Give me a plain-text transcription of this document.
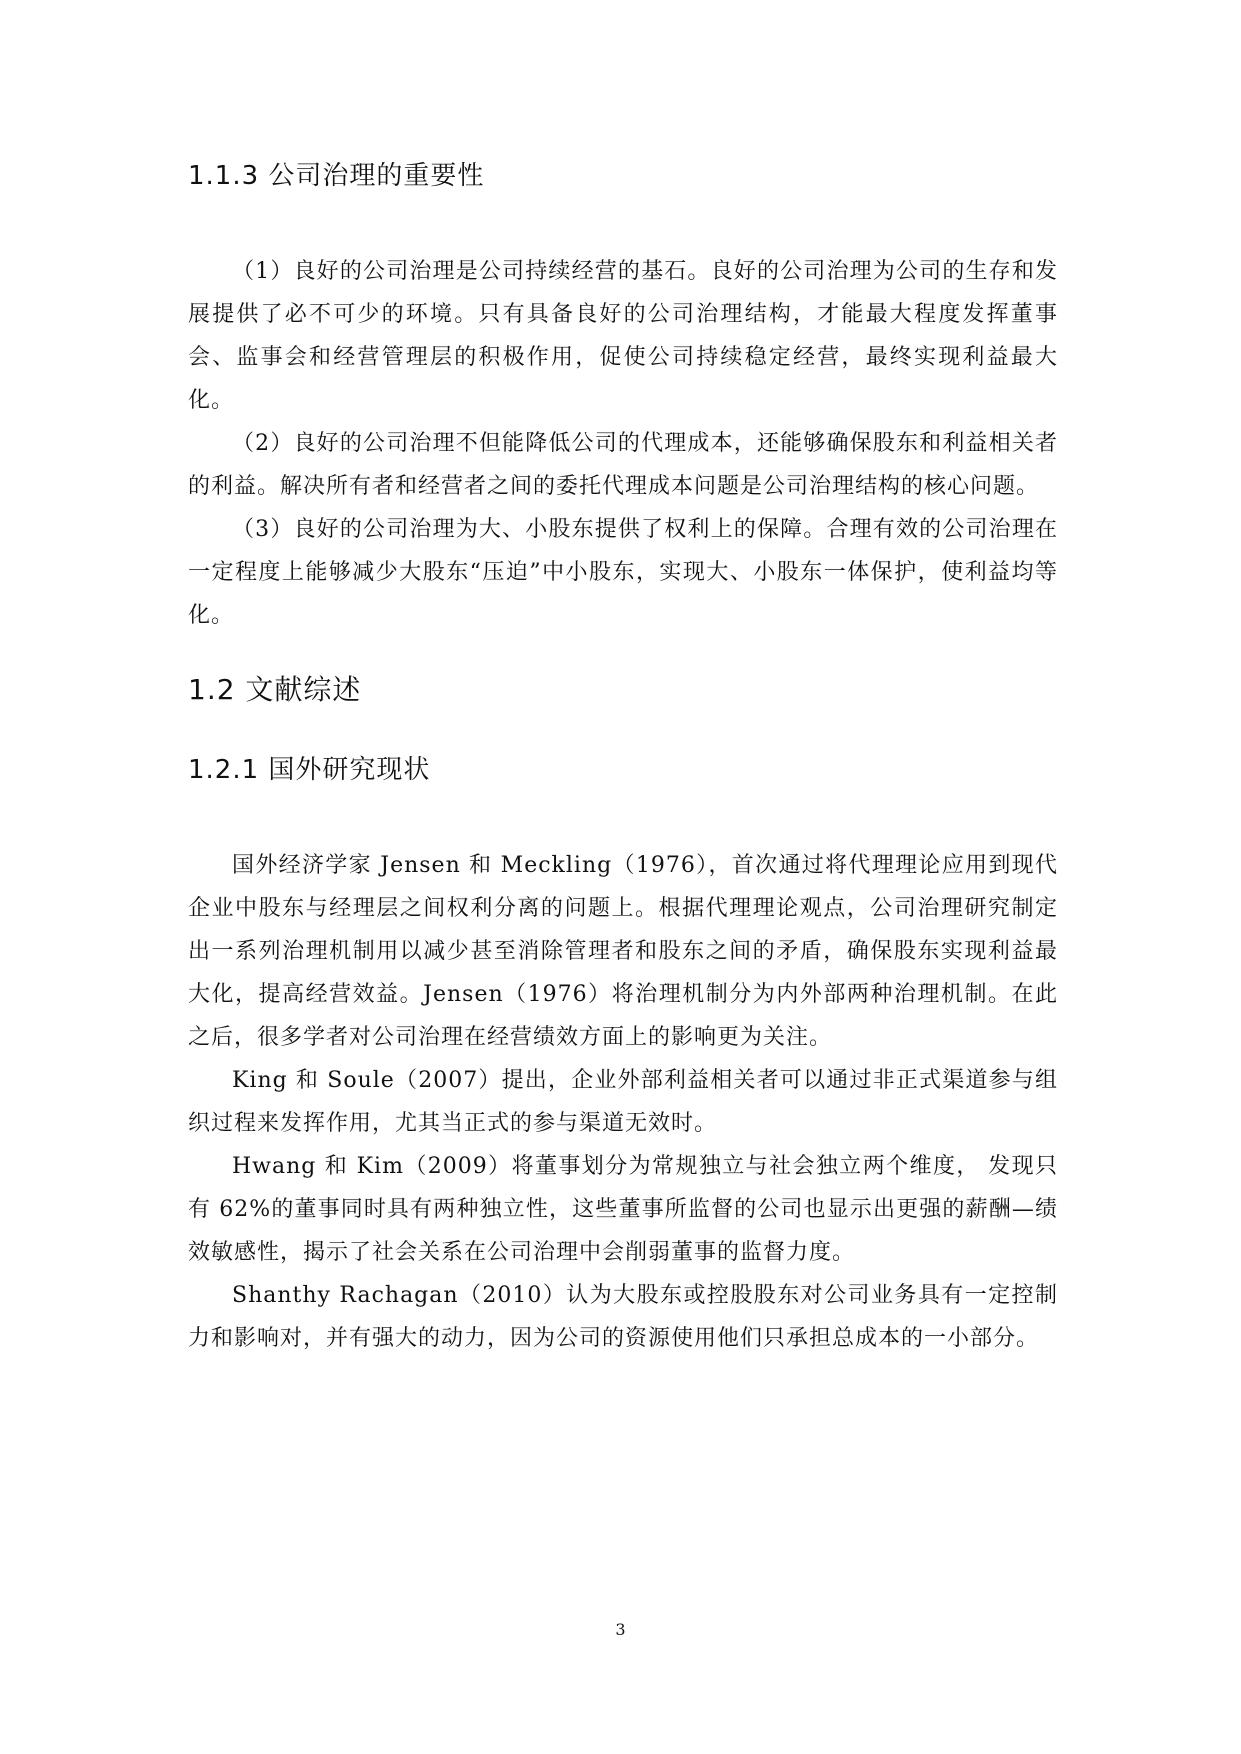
1.1.3 公司治理的重要性

（1）良好的公司治理是公司持续经营的基石。良好的公司治理为公司的生存和发展提供了必不可少的环境。只有具备良好的公司治理结构，才能最大程度发挥董事会、监事会和经营管理层的积极作用，促使公司持续稳定经营，最终实现利益最大化。

（2）良好的公司治理不但能降低公司的代理成本，还能够确保股东和利益相关者的利益。解决所有者和经营者之间的委托代理成本问题是公司治理结构的核心问题。

（3）良好的公司治理为大、小股东提供了权利上的保障。合理有效的公司治理在一定程度上能够减少大股东“压迫”中小股东，实现大、小股东一体保护，使利益均等化。

1.2 文献综述
1.2.1 国外研究现状

国外经济学家 Jensen 和 Meckling（1976），首次通过将代理理论应用到现代企业中股东与经理层之间权利分离的问题上。根据代理理论观点，公司治理研究制定出一系列治理机制用以减少甚至消除管理者和股东之间的矛盾，确保股东实现利益最大化，提高经营效益。Jensen（1976）将治理机制分为内外部两种治理机制。在此之后，很多学者对公司治理在经营绩效方面上的影响更为关注。

King 和 Soule（2007）提出，企业外部利益相关者可以通过非正式渠道参与组织过程来发挥作用，尤其当正式的参与渠道无效时。

Hwang 和 Kim（2009）将董事划分为常规独立与社会独立两个维度， 发现只有 62%的董事同时具有两种独立性，这些董事所监督的公司也显示出更强的薪酬—绩 效敏感性，揭示了社会关系在公司治理中会削弱董事的监督力度。

Shanthy Rachagan（2010）认为大股东或控股股东对公司业务具有一定控制力和影响对，并有强大的动力，因为公司的资源使用他们只承担总成本的一小部分。

3
